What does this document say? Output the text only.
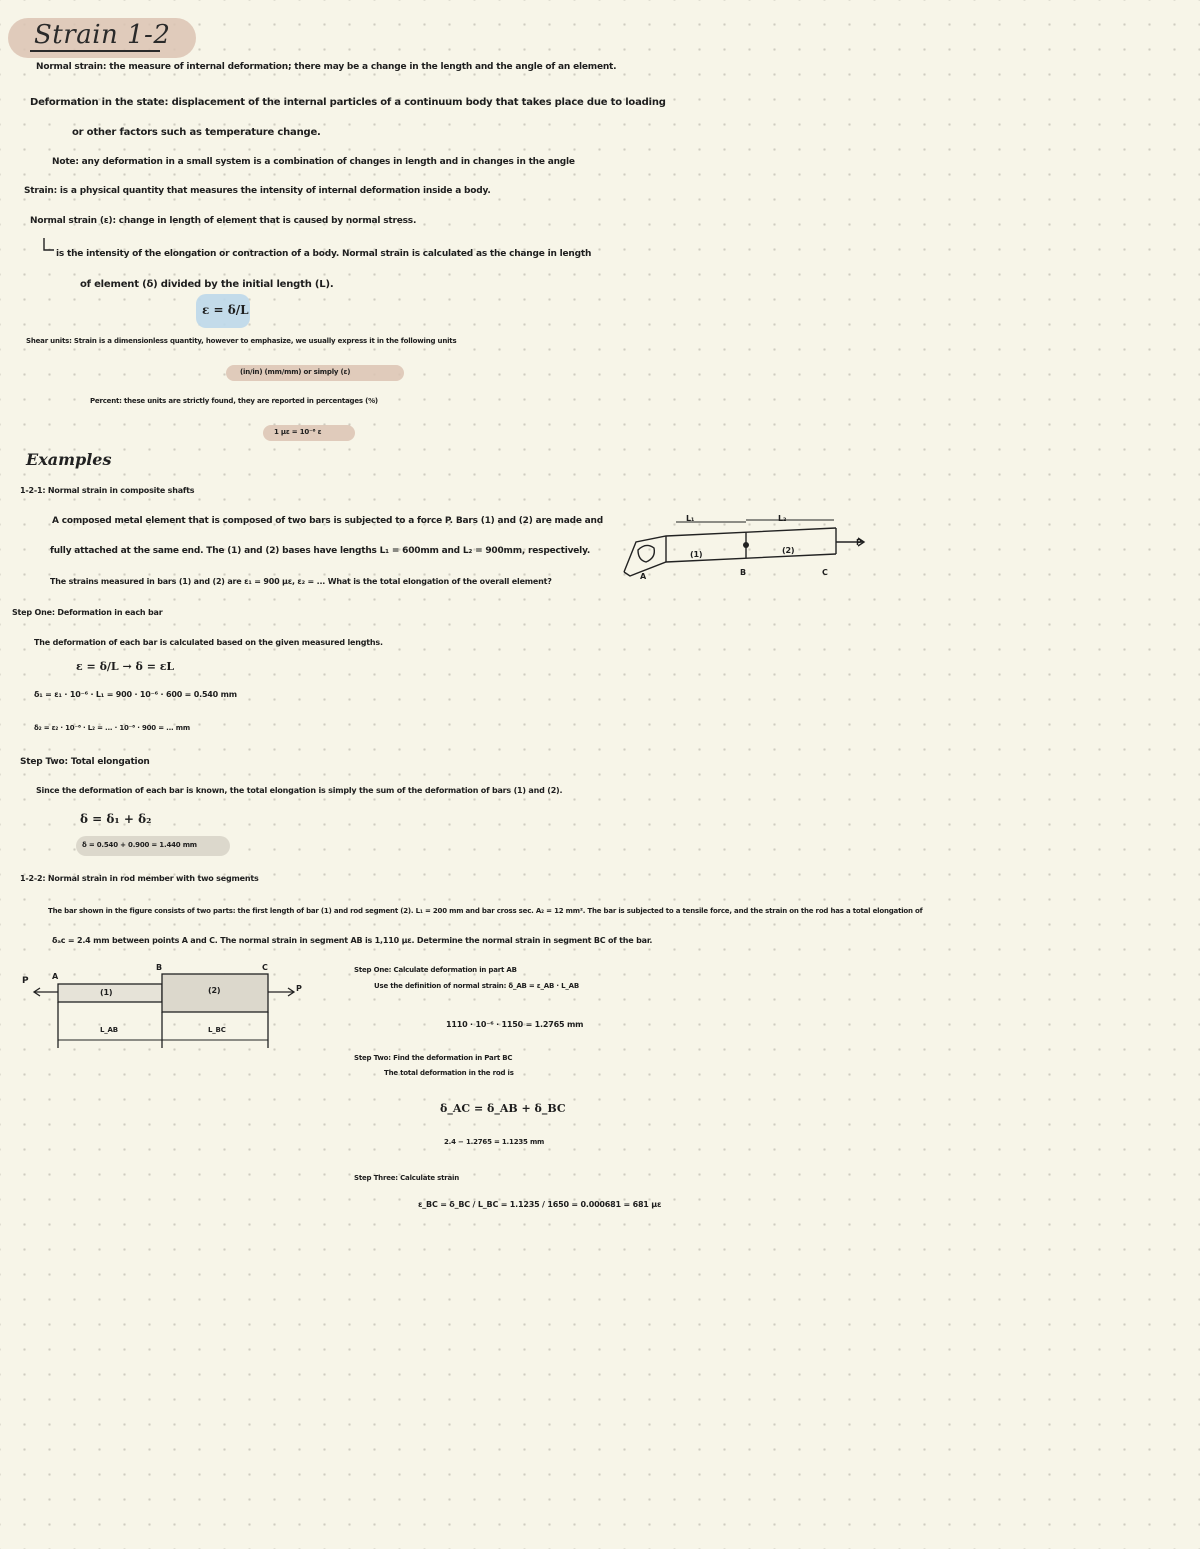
Strain 1-2
Normal strain: the measure of internal deformation; there may be a change in the length and the angle of an element.
Deformation in the state: displacement of the internal particles of a continuum body that takes place due to loading
or other factors such as temperature change.
Note: any deformation in a small system is a combination of changes in length and in changes in the angle
Strain: is a physical quantity that measures the intensity of internal deformation inside a body.
Normal strain (ε): change in length of element that is caused by normal stress.
is the intensity of the elongation or contraction of a body. Normal strain is calculated as the change in length
of element (δ) divided by the initial length (L).
ε = δ/L
Shear units: Strain is a dimensionless quantity, however to emphasize, we usually express it in the following units
(in/in) (mm/mm) or simply (ε)
Percent: these units are strictly found, they are reported in percentages (%)
1 με = 10⁻⁶ ε
Examples
1-2-1: Normal strain in composite shafts
A composed metal element that is composed of two bars is subjected to a force P. Bars (1) and (2) are made and
fully attached at the same end. The (1) and (2) bases have lengths L₁ = 600mm and L₂ = 900mm, respectively.
The strains measured in bars (1) and (2) are ε₁ = 900 με, ε₂ = ... What is the total elongation of the overall element?
L₁	L₂
(1)	(2)
A	B	C
P
Step One: Deformation in each bar
The deformation of each bar is calculated based on the given measured lengths.
ε = δ/L → δ = εL
δ₁ = ε₁ · 10⁻⁶ · L₁ = 900 · 10⁻⁶ · 600 = 0.540 mm
δ₂ = ε₂ · 10⁻⁶ · L₂ = ... · 10⁻⁶ · 900 = ... mm
Step Two: Total elongation
Since the deformation of each bar is known, the total elongation is simply the sum of the deformation of bars (1) and (2).
δ = δ₁ + δ₂
δ = 0.540 + 0.900 = 1.440 mm
1-2-2: Normal strain in rod member with two segments
The bar shown in the figure consists of two parts: the first length of bar (1) and rod segment (2). L₁ = 200 mm and bar cross sec. A₂ = 12 mm². The bar is subjected to a tensile force, and the strain on the rod has a total elongation of
δₐc = 2.4 mm between points A and C. The normal strain in segment AB is 1,110 με. Determine the normal strain in segment BC of the bar.
P	A
B	C
(1)	(2)	P
L_AB	L_BC
Step One: Calculate deformation in part AB
Use the definition of normal strain: δ_AB = ε_AB · L_AB
1110 · 10⁻⁶ · 1150 = 1.2765 mm
Step Two: Find the deformation in Part BC
The total deformation in the rod is
δ_AC = δ_AB + δ_BC
2.4 − 1.2765 = 1.1235 mm
Step Three: Calculate strain
ε_BC = δ_BC / L_BC = 1.1235 / 1650 = 0.000681 = 681 με
